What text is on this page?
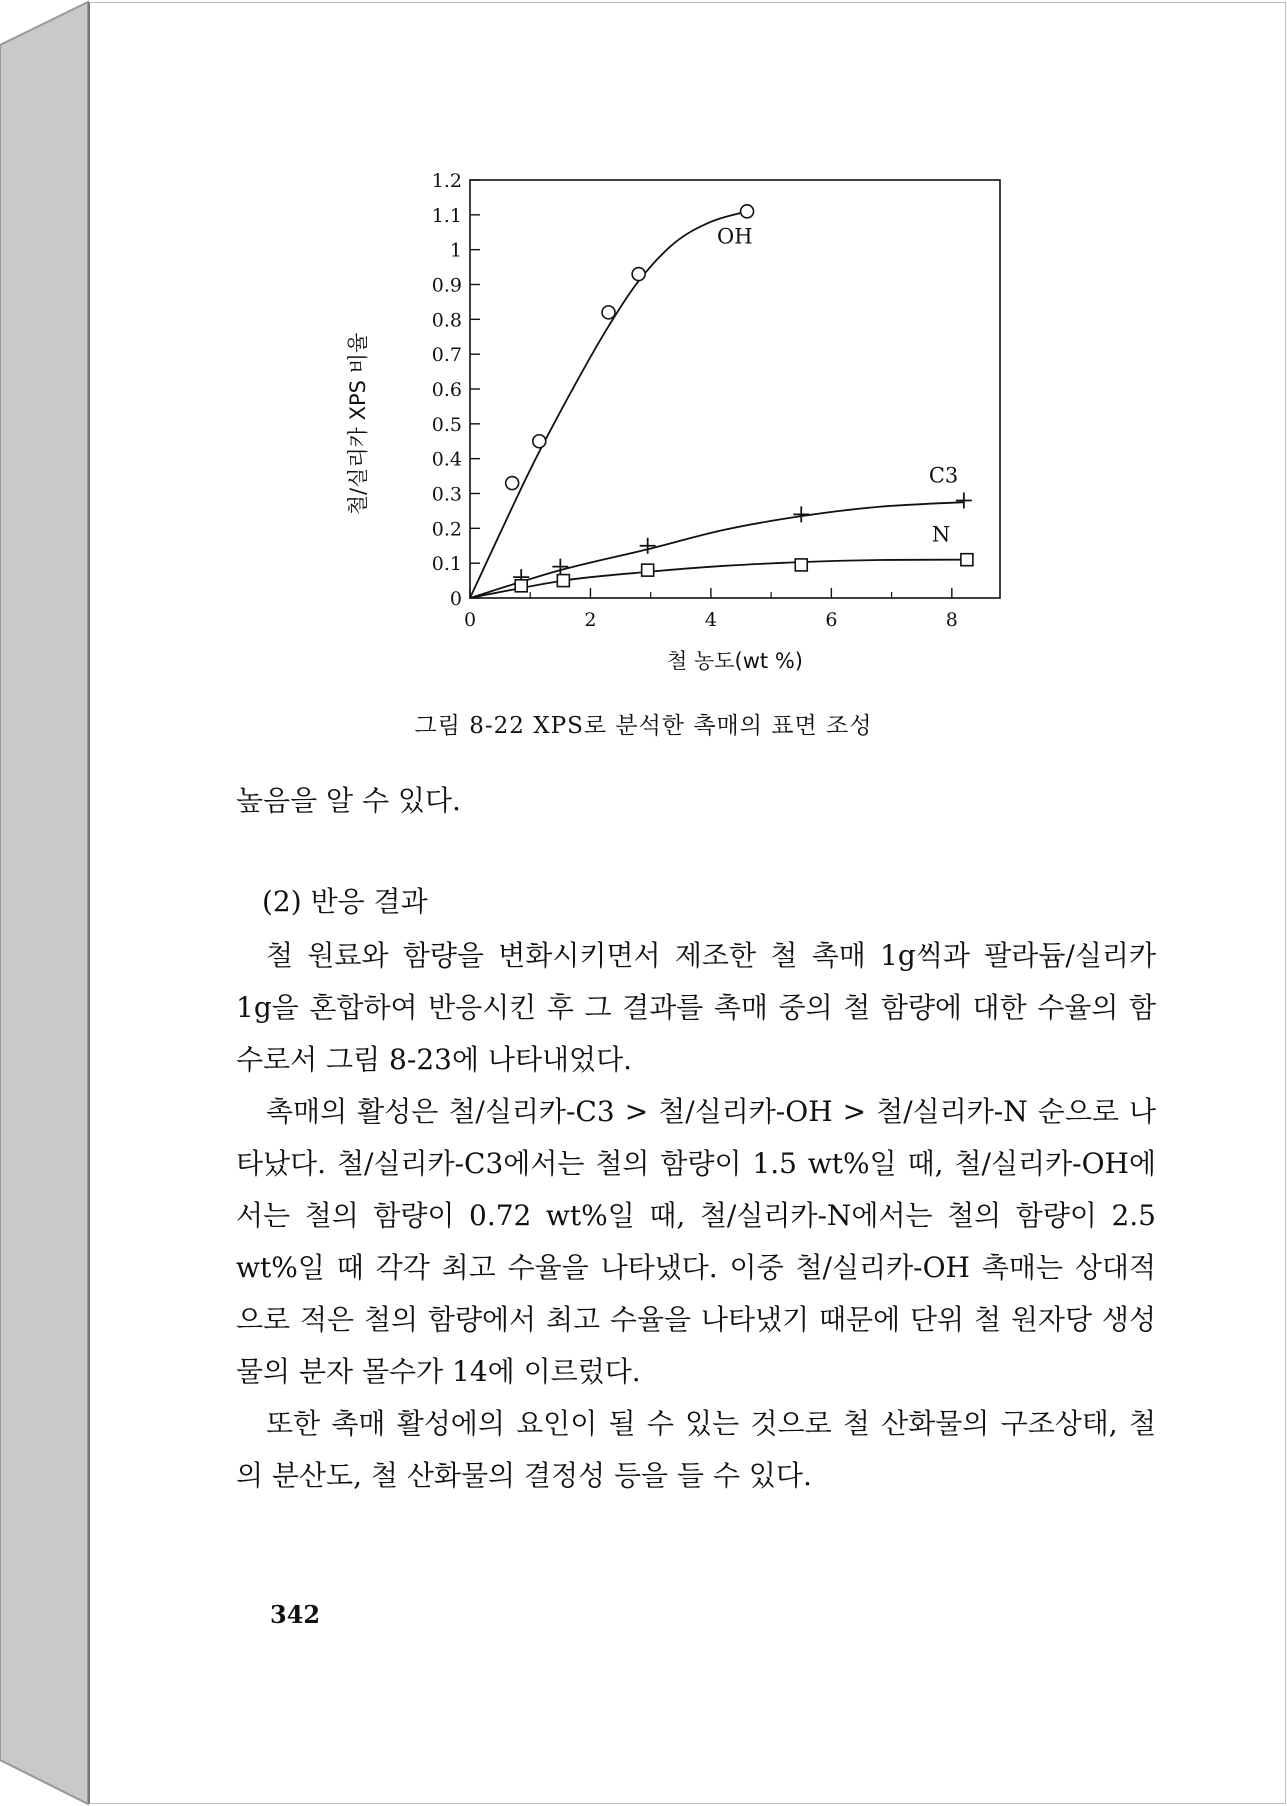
0
0.1
0.2
0.3
0.4
0.5
0.6
0.7
0.8
0.9
1
1.1
1.2
0	2	4	6	8
철 농도(wt %)
철/실리카 XPS 비율
OH
C3
N
그림 8-22 XPS로 분석한 촉매의 표면 조성

높음을 알 수 있다.

(2) 반응 결과

철 원료와 함량을 변화시키면서 제조한 철 촉매 1g씩과 팔라듐/실리카 1g을 혼합하여 반응시킨 후 그 결과를 촉매 중의 철 함량에 대한 수율의 함수로서 그림 8-23에 나타내었다.

촉매의 활성은 철/실리카-C3 > 철/실리카-OH > 철/실리카-N 순으로 나타났다. 철/실리카-C3에서는 철의 함량이 1.5 wt%일 때, 철/실리카-OH에서는 철의 함량이 0.72 wt%일 때, 철/실리카-N에서는 철의 함량이 2.5 wt%일 때 각각 최고 수율을 나타냈다. 이중 철/실리카-OH 촉매는 상대적으로 적은 철의 함량에서 최고 수율을 나타냈기 때문에 단위 철 원자당 생성물의 분자 몰수가 14에 이르렀다.

또한 촉매 활성에의 요인이 될 수 있는 것으로 철 산화물의 구조상태, 철의 분산도, 철 산화물의 결정성 등을 들 수 있다.

342
